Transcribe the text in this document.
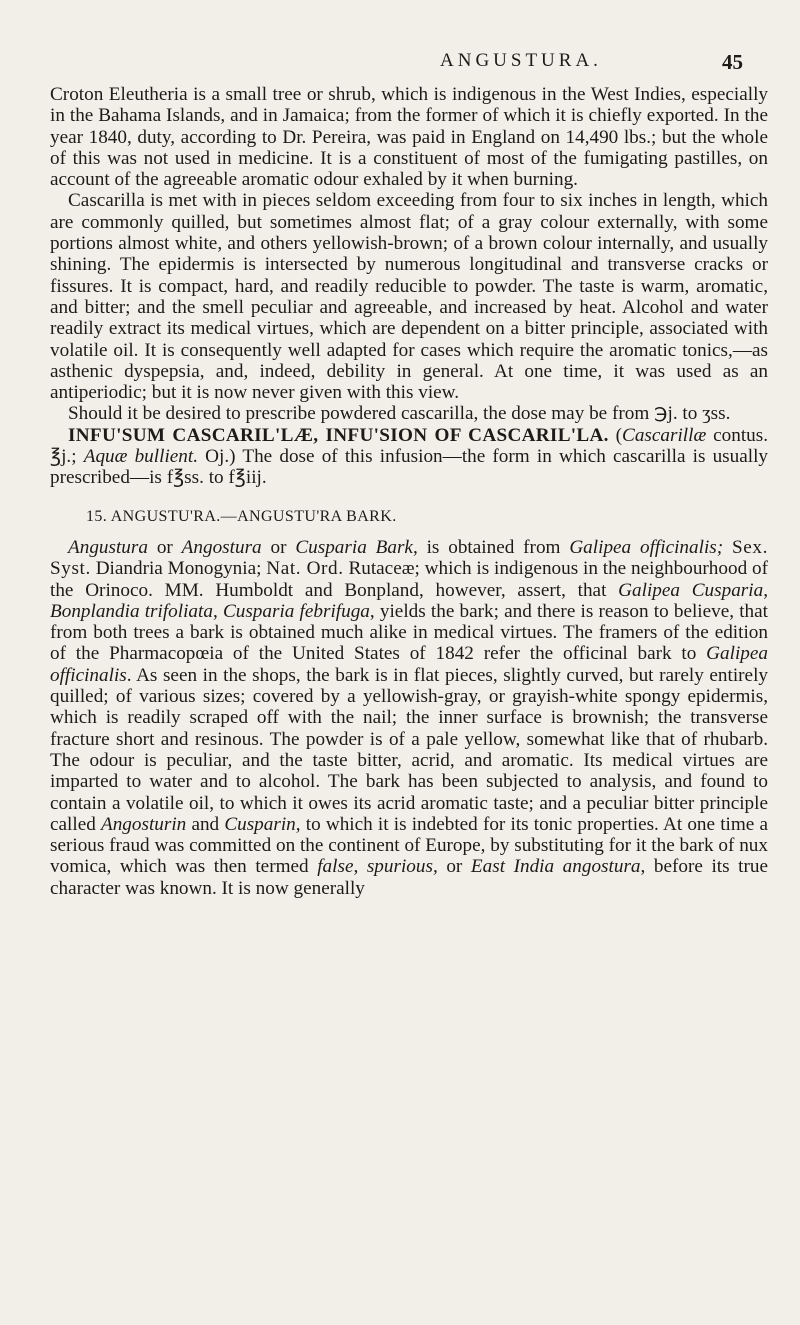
ANGUSTURA.	45

Croton Eleutheria is a small tree or shrub, which is indigenous in the West Indies, especially in the Bahama Islands, and in Jamaica; from the former of which it is chiefly exported. In the year 1840, duty, according to Dr. Pereira, was paid in England on 14,490 lbs.; but the whole of this was not used in medicine. It is a constituent of most of the fumigating pastilles, on account of the agreeable aromatic odour exhaled by it when burning.

Cascarilla is met with in pieces seldom exceeding from four to six inches in length, which are commonly quilled, but sometimes almost flat; of a gray colour externally, with some portions almost white, and others yellowish-brown; of a brown colour internally, and usually shining. The epidermis is intersected by numerous longitudinal and transverse cracks or fissures. It is compact, hard, and readily reducible to powder. The taste is warm, aromatic, and bitter; and the smell peculiar and agreeable, and increased by heat. Alcohol and water readily extract its medical virtues, which are dependent on a bitter principle, associated with volatile oil. It is consequently well adapted for cases which require the aromatic tonics,—as asthenic dyspepsia, and, indeed, debility in general. At one time, it was used as an antiperiodic; but it is now never given with this view.

Should it be desired to prescribe powdered cascarilla, the dose may be from ℈j. to ʒss.

INFU'SUM CASCARIL'LÆ, INFU'SION OF CASCARIL'LA. (Cascarillæ contus. ℥j.; Aquæ bullient. Oj.) The dose of this infusion—the form in which cascarilla is usually prescribed—is f℥ss. to f℥iij.

15. ANGUSTU'RA.—ANGUSTU'RA BARK.

Angustura or Angostura or Cusparia Bark, is obtained from Galipea officinalis; Sex. Syst. Diandria Monogynia; Nat. Ord. Rutaceæ; which is indigenous in the neighbourhood of the Orinoco. MM. Humboldt and Bonpland, however, assert, that Galipea Cusparia, Bonplandia trifoliata, Cusparia febrifuga, yields the bark; and there is reason to believe, that from both trees a bark is obtained much alike in medical virtues. The framers of the edition of the Pharmacopœia of the United States of 1842 refer the officinal bark to Galipea officinalis. As seen in the shops, the bark is in flat pieces, slightly curved, but rarely entirely quilled; of various sizes; covered by a yellowish-gray, or grayish-white spongy epidermis, which is readily scraped off with the nail; the inner surface is brownish; the transverse fracture short and resinous. The powder is of a pale yellow, somewhat like that of rhubarb. The odour is peculiar, and the taste bitter, acrid, and aromatic. Its medical virtues are imparted to water and to alcohol. The bark has been subjected to analysis, and found to contain a volatile oil, to which it owes its acrid aromatic taste; and a peculiar bitter principle called Angosturin and Cusparin, to which it is indebted for its tonic properties. At one time a serious fraud was committed on the continent of Europe, by substituting for it the bark of nux vomica, which was then termed false, spurious, or East India angostura, before its true character was known. It is now generally
